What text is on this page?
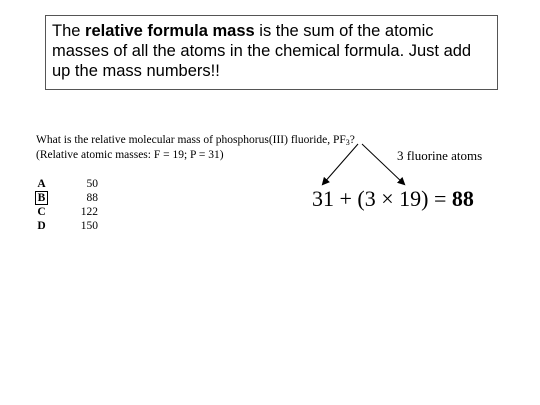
The relative formula mass is the sum of the atomic masses of all the atoms in the chemical formula. Just add up the mass numbers!!
What is the relative molecular mass of phosphorus(III) fluoride, $PF_3$?
(Relative atomic masses: F = 19; P = 31)
A	50
B	88
C	122
D	150
3 fluorine atoms
31 + (3 × 19) = 88
